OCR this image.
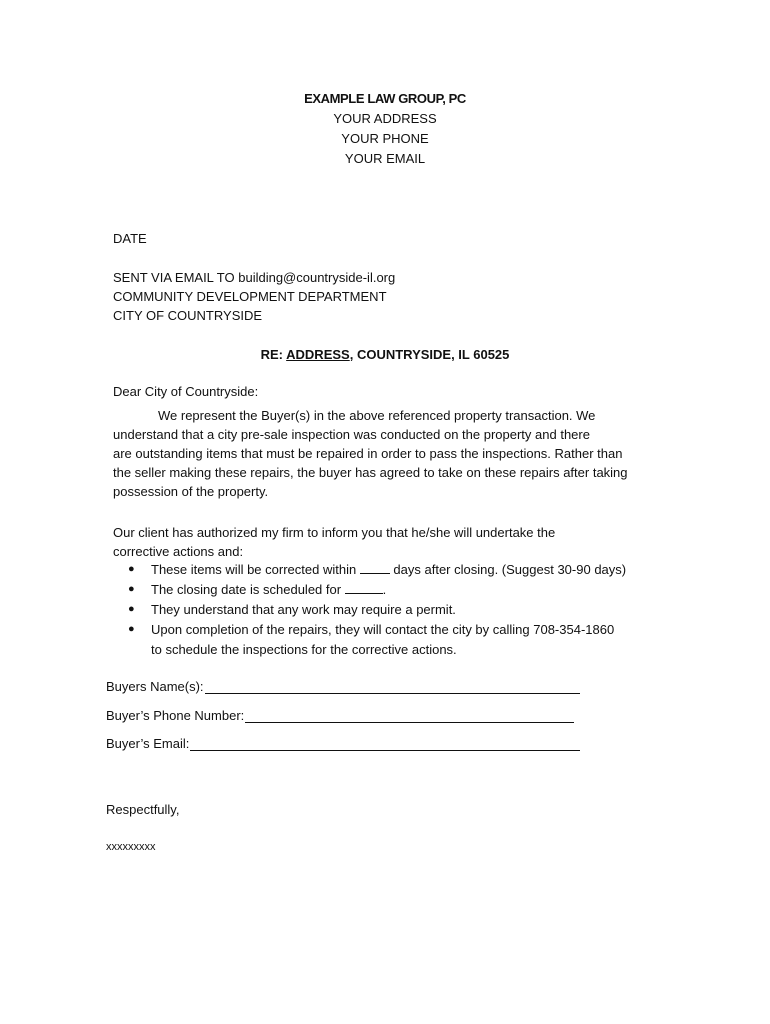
EXAMPLE LAW GROUP, PC
YOUR ADDRESS
YOUR PHONE
YOUR EMAIL
DATE
SENT VIA EMAIL TO building@countryside-il.org
COMMUNITY DEVELOPMENT DEPARTMENT
CITY OF COUNTRYSIDE
RE: ADDRESS, COUNTRYSIDE, IL 60525
Dear City of Countryside:
We represent the Buyer(s) in the above referenced property transaction. We
understand that a city pre-sale inspection was conducted on the property and there
are outstanding items that must be repaired in order to pass the inspections. Rather than
the seller making these repairs, the buyer has agreed to take on these repairs after taking
possession of the property.
Our client has authorized my firm to inform you that he/she will undertake the
corrective actions and:
● These items will be corrected within  days after closing. (Suggest 30-90 days)
● The closing date is scheduled for	.
● They understand that any work may require a permit.
● Upon completion of the repairs, they will contact the city by calling 708-354-1860
to schedule the inspections for the corrective actions.
Buyers Name(s):
Buyer’s Phone Number:
Buyer’s Email:
Respectfully,
xxxxxxxxx
